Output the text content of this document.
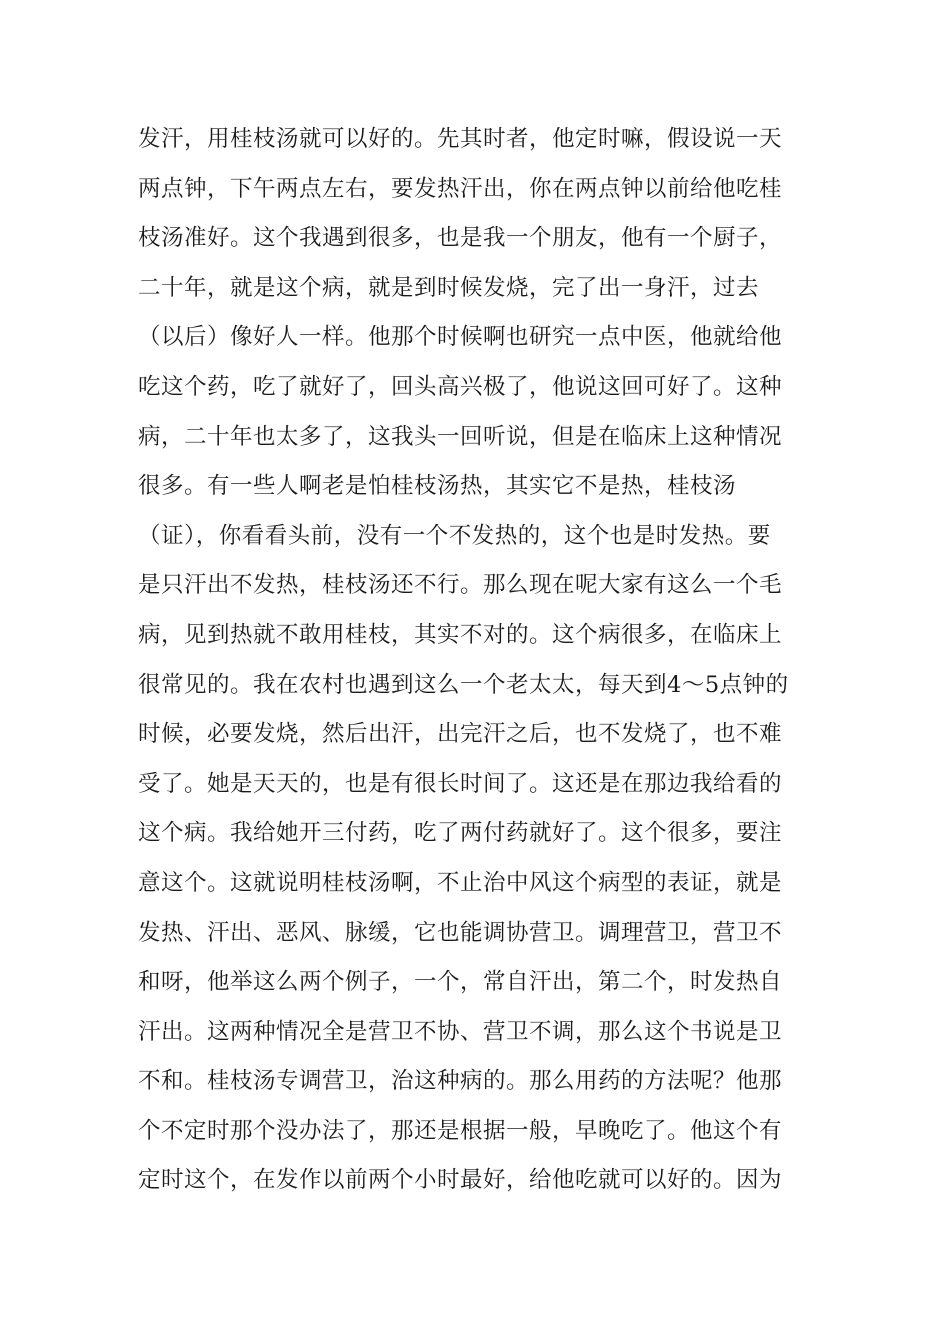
发汗，用桂枝汤就可以好的。先其时者，他定时嘛，假设说一天
两点钟，下午两点左右，要发热汗出，你在两点钟以前给他吃桂
枝汤准好。这个我遇到很多，也是我一个朋友，他有一个厨子，
二十年，就是这个病，就是到时候发烧，完了出一身汗，过去
（以后）像好人一样。他那个时候啊也研究一点中医，他就给他
吃这个药，吃了就好了，回头高兴极了，他说这回可好了。这种
病，二十年也太多了，这我头一回听说，但是在临床上这种情况
很多。有一些人啊老是怕桂枝汤热，其实它不是热，桂枝汤
（证），你看看头前，没有一个不发热的，这个也是时发热。要
是只汗出不发热，桂枝汤还不行。那么现在呢大家有这么一个毛
病，见到热就不敢用桂枝，其实不对的。这个病很多，在临床上
很常见的。我在农村也遇到这么一个老太太，每天到4～5点钟的
时候，必要发烧，然后出汗，出完汗之后，也不发烧了，也不难
受了。她是天天的，也是有很长时间了。这还是在那边我给看的
这个病。我给她开三付药，吃了两付药就好了。这个很多，要注
意这个。这就说明桂枝汤啊，不止治中风这个病型的表证，就是
发热、汗出、恶风、脉缓，它也能调协营卫。调理营卫，营卫不
和呀，他举这么两个例子，一个，常自汗出，第二个，时发热自
汗出。这两种情况全是营卫不协、营卫不调，那么这个书说是卫
不和。桂枝汤专调营卫，治这种病的。那么用药的方法呢？他那
个不定时那个没办法了，那还是根据一般，早晚吃了。他这个有
定时这个，在发作以前两个小时最好，给他吃就可以好的。因为
